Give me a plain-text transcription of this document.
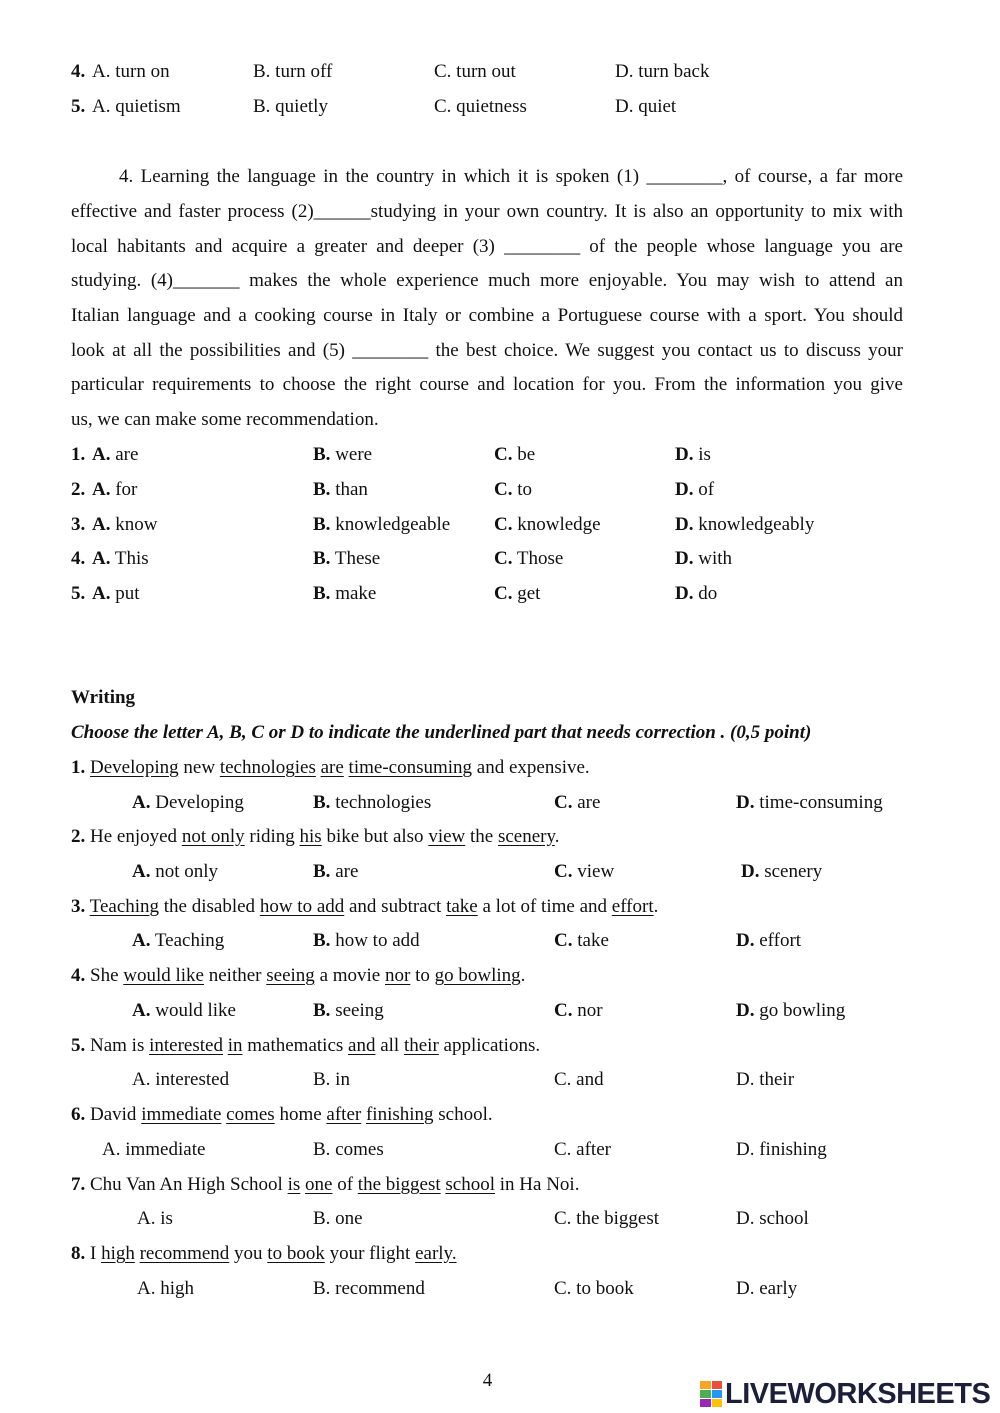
4. A. turn on	B. turn off	C. turn out	D. turn back
5. A. quietism	B. quietly	C. quietness	D. quiet
4. Learning the language in the country in which it is spoken (1) ________, of course, a far more
effective and faster process (2)______studying in your own country. It is also an opportunity to mix with
local habitants and acquire a greater and deeper (3) ________ of the people whose language you are
studying. (4)_______ makes the whole experience much more enjoyable. You may wish to attend an
Italian language and a cooking course in Italy or combine a Portuguese course with a sport. You should
look at all the possibilities and (5) ________ the best choice. We suggest you contact us to discuss your
particular requirements to choose the right course and location for you. From the information you give
us, we can make some recommendation.
1. A. are	B. were	C. be	D. is
2. A. for	B. than	C. to	D. of
3. A. know	B. knowledgeable C. knowledge	D. knowledgeably
4. A. This	B. These	C. Those	D. with
5. A. put	B. make	C. get	D. do
Writing
Choose the letter A, B, C or D to indicate the underlined part that needs correction . (0,5 point)
1. Developing new technologies are time-consuming and expensive.
A. Developing	B. technologies	C. are	D. time-consuming
2. He enjoyed not only riding his bike but also view the scenery.
A. not only	B. are	C. view	D. scenery
3. Teaching the disabled how to add and subtract take a lot of time and effort.
A. Teaching	B. how to add	C. take	D. effort
4. She would like neither seeing a movie nor to go bowling.
A. would like	B. seeing	C. nor	D. go bowling
5. Nam is interested in mathematics and all their applications.
A. interested	B. in	C. and	D. their
6. David immediate comes home after finishing school.
A. immediate	B. comes	C. after	D. finishing
7. Chu Van An High School is one of the biggest school in Ha Noi.
A. is	B. one	C. the biggest	D. school
8. I high recommend you to book your flight early.
A. high	B. recommend	C. to book	D. early
4	LIVEWORKSHEETS
